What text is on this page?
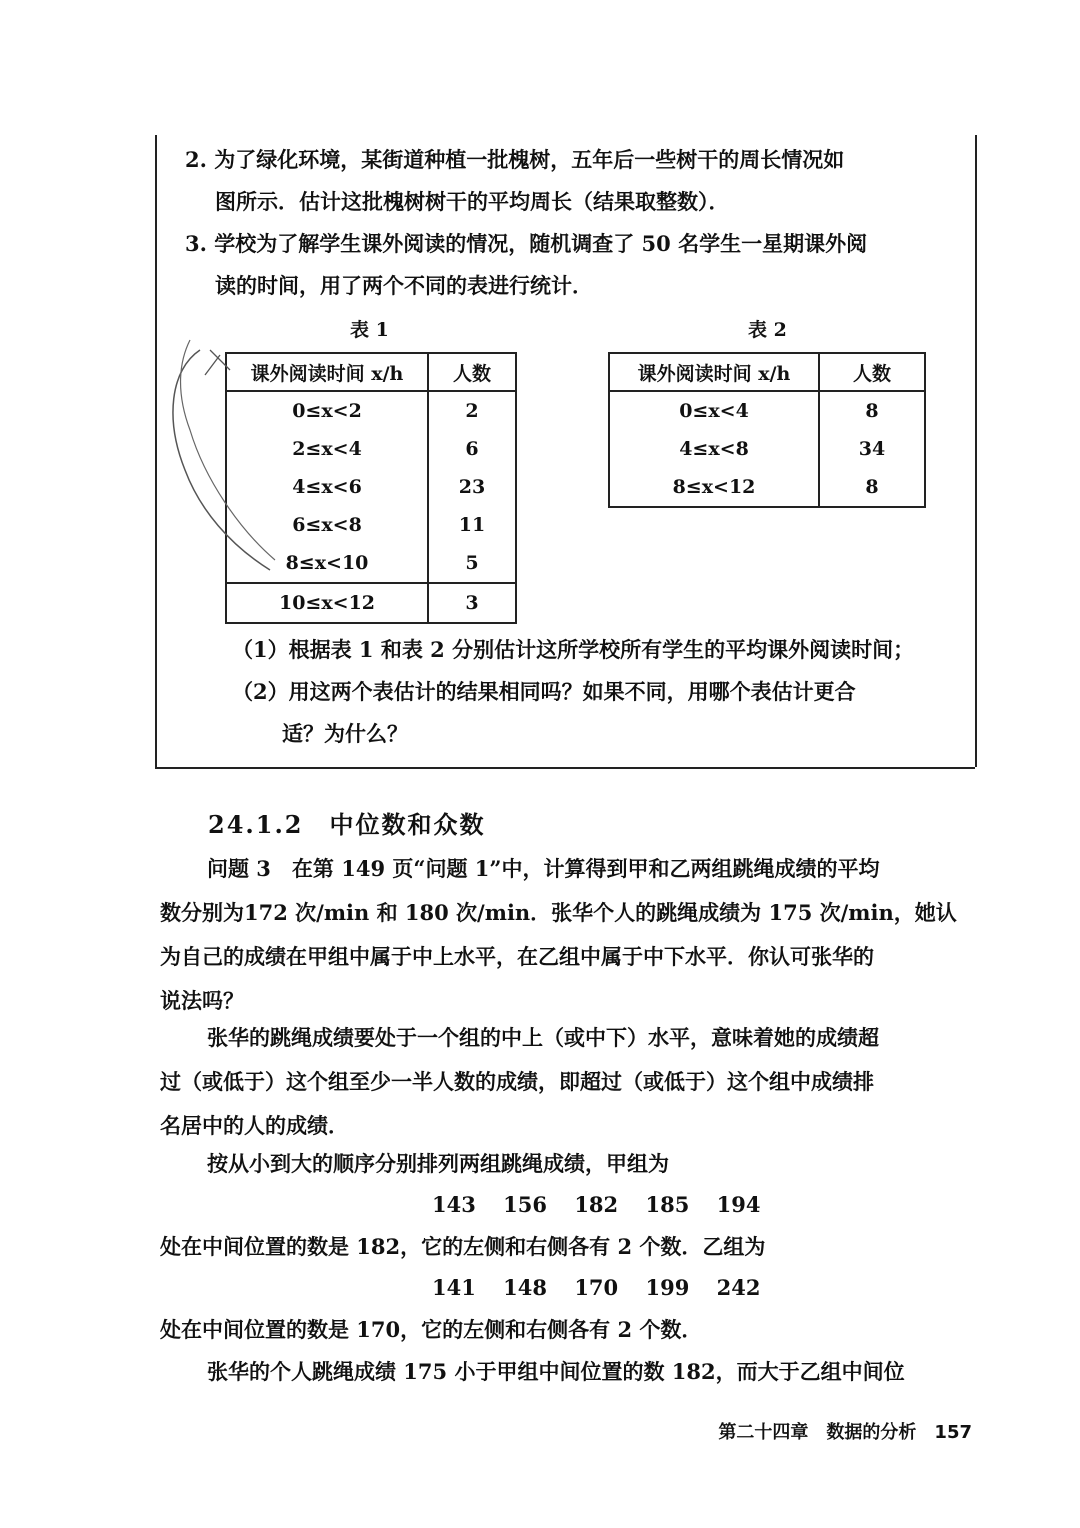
2. 为了绿化环境，某街道种植一批槐树，五年后一些树干的周长情况如
图所示．估计这批槐树树干的平均周长（结果取整数）．
3. 学校为了解学生课外阅读的情况，随机调查了 50 名学生一星期课外阅
读的时间，用了两个不同的表进行统计．
表 1
课外阅读时间 x/h	人数
0≤x<2	2
2≤x<4	6
4≤x<6	23
6≤x<8	11
8≤x<10	5
10≤x<12	3
表 2
课外阅读时间 x/h	人数
0≤x<4	8
4≤x<8	34
8≤x<12	8
（1）根据表 1 和表 2 分别估计这所学校所有学生的平均课外阅读时间；
（2）用这两个表估计的结果相同吗？如果不同，用哪个表估计更合
适？为什么？
24.1.2　中位数和众数
问题 3　在第 149 页“问题 1”中，计算得到甲和乙两组跳绳成绩的平均
数分别为172 次/min 和 180 次/min．张华个人的跳绳成绩为 175 次/min，她认
为自己的成绩在甲组中属于中上水平，在乙组中属于中下水平．你认可张华的
说法吗？
张华的跳绳成绩要处于一个组的中上（或中下）水平，意味着她的成绩超
过（或低于）这个组至少一半人数的成绩，即超过（或低于）这个组中成绩排
名居中的人的成绩．
按从小到大的顺序分别排列两组跳绳成绩，甲组为
143 156 182 185 194
处在中间位置的数是 182，它的左侧和右侧各有 2 个数．乙组为
141 148 170 199 242
处在中间位置的数是 170，它的左侧和右侧各有 2 个数．
张华的个人跳绳成绩 175 小于甲组中间位置的数 182，而大于乙组中间位
第二十四章　数据的分析　157
